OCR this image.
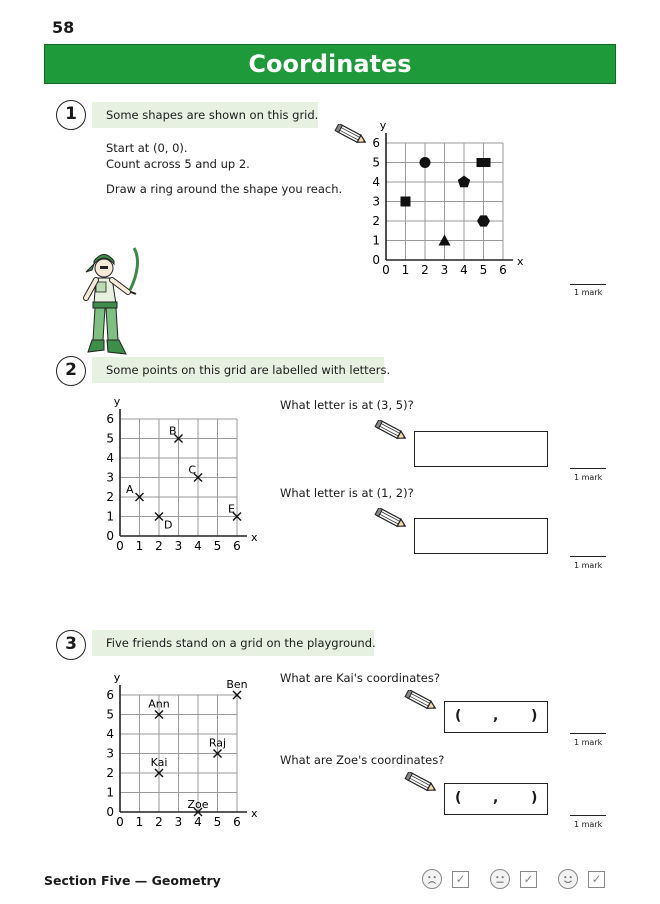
58
Coordinates
1	Some shapes are shown on this grid.
Start at (0, 0).
Count across 5 and up 2.
Draw a ring around the shape you reach.
0 1 2 3 4 5 6
0
1
2
3
4
5
6
x
y
1 mark
2	Some points on this grid are labelled with letters.
0 1 2 3 4 5 6
0
1
2
3
4
5
6
x
y
A
B
C
D
E
What letter is at (3, 5)?
1 mark
What letter is at (1, 2)?
1 mark
3	Five friends stand on a grid on the playground.
0 1 2 3 4 5 6
0
1
2
3
4
5
6
x
y
Ann
Ben
Raj
Kai
Zoe
What are Kai's coordinates?
( , )
1 mark
What are Zoe's coordinates?
( , )
1 mark
Section Five — Geometry	✓	✓	✓
